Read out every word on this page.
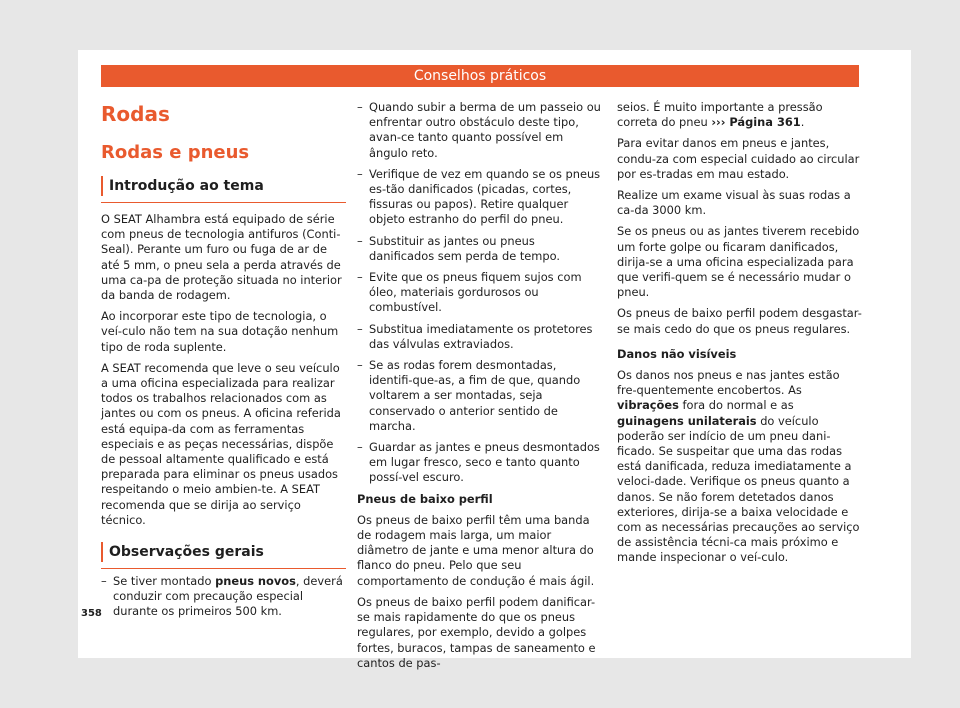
Conselhos práticos
Rodas
Rodas e pneus
Introdução ao tema

O SEAT Alhambra está equipado de série com pneus de tecnologia antifuros (Conti-Seal). Perante um furo ou fuga de ar de até 5 mm, o pneu sela a perda através de uma ca-pa de proteção situada no interior da banda de rodagem.

Ao incorporar este tipo de tecnologia, o veí-culo não tem na sua dotação nenhum tipo de roda suplente.

A SEAT recomenda que leve o seu veículo a uma oficina especializada para realizar todos os trabalhos relacionados com as jantes ou com os pneus. A oficina referida está equipa-da com as ferramentas especiais e as peças necessárias, dispõe de pessoal altamente qualificado e está preparada para eliminar os pneus usados respeitando o meio ambien-te. A SEAT recomenda que se dirija ao serviço técnico.

Observações gerais
– Se tiver montado pneus novos, deverá conduzir com precaução especial durante os primeiros 500 km.
– Quando subir a berma de um passeio ou enfrentar outro obstáculo deste tipo, avan-ce tanto quanto possível em ângulo reto.
– Verifique de vez em quando se os pneus es-tão danificados (picadas, cortes, fissuras ou papos). Retire qualquer objeto estranho do perfil do pneu.
– Substituir as jantes ou pneus danificados sem perda de tempo.
– Evite que os pneus fiquem sujos com óleo, materiais gordurosos ou combustível.
– Substitua imediatamente os protetores das válvulas extraviados.
– Se as rodas forem desmontadas, identifi-que-as, a fim de que, quando voltarem a ser montadas, seja conservado o anterior sentido de marcha.
– Guardar as jantes e pneus desmontados em lugar fresco, seco e tanto quanto possí-vel escuro.
Pneus de baixo perfil

Os pneus de baixo perfil têm uma banda de rodagem mais larga, um maior diâmetro de jante e uma menor altura do flanco do pneu. Pelo que seu comportamento de condução é mais ágil.

Os pneus de baixo perfil podem danificar-se mais rapidamente do que os pneus regulares, por exemplo, devido a golpes fortes, buracos, tampas de saneamento e cantos de pas-

seios. É muito importante a pressão correta do pneu ››› Página 361.

Para evitar danos em pneus e jantes, condu-za com especial cuidado ao circular por es-tradas em mau estado.

Realize um exame visual às suas rodas a ca-da 3000 km.

Se os pneus ou as jantes tiverem recebido um forte golpe ou ficaram danificados, dirija-se a uma oficina especializada para que verifi-quem se é necessário mudar o pneu.

Os pneus de baixo perfil podem desgastar-se mais cedo do que os pneus regulares.

Danos não visíveis

Os danos nos pneus e nas jantes estão fre-quentemente encobertos. As vibrações fora do normal e as guinagens unilaterais do veículo poderão ser indício de um pneu dani-ficado. Se suspeitar que uma das rodas está danificada, reduza imediatamente a veloci-dade. Verifique os pneus quanto a danos. Se não forem detetados danos exteriores, dirija-se a baixa velocidade e com as necessárias precauções ao serviço de assistência técni-ca mais próximo e mande inspecionar o veí-culo.

358
